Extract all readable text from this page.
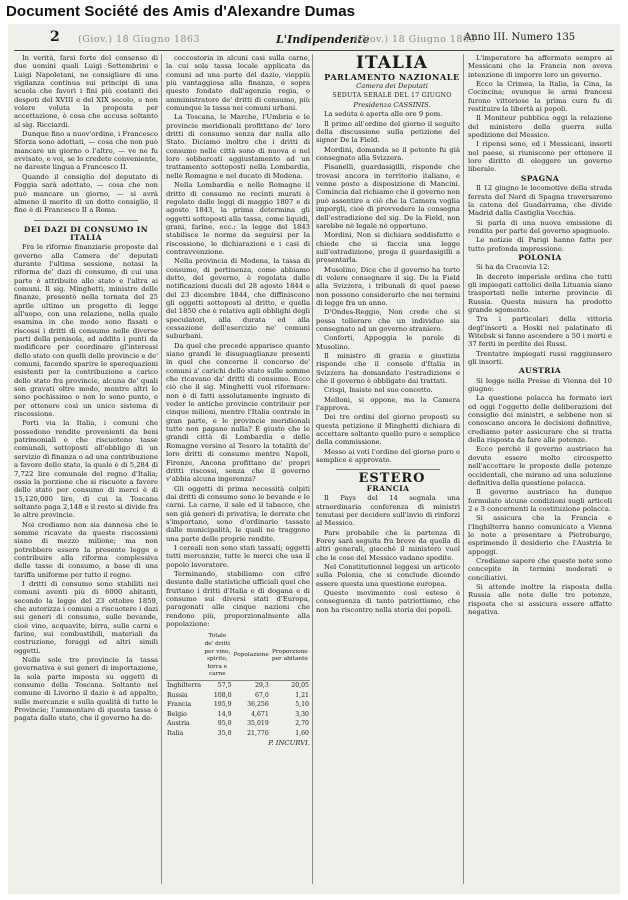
Document Société des Amis d'Alexandre Dumas
2 (Giov.) 18 Giugno 1863	L'Indipendente
(Giov.) 18 Giugno 1863
Anno III. Numero 135

In verità, farsi forte del consenso di due uomini quali Luigi Settembrini e Luigi Napoletani, ne consigliare di una vigilanza continua sui principi di una scuola che favorì i fini più costanti dei despoti del XVIII e del XIX secolo, e non volere voluta la proposta per accettazione, è cosa che accusa soltanto al sig. Ricciardi.

Dunque fino a nuov'ordine, i Francesco Sforza sono adottati, — cosa che non può mancare un giorno o l'altro, — ve ne fu avvisato, e voi, se lo credete conveniente, ne dareste lingua a Francesco II.

Quando il consiglio del deputato di Foggia sarà adottato, — cosa che non può mancare un giorno, — si avrà almeno il merito di un dotto consiglio, il fine è di Francesco II a Roma.

DEI DAZI DI CONSUMO IN ITALIA

Fra le riforme finanziarie proposte dal governo alla Camera de' deputati durante l'ultima sessione, notasi la riforma de' dazi di consumo, di cui una parte è attribuito allo stato e l'altra ai comuni. Il sig. Minghetti, ministro delle finanze, presentò nella tornata del 25 aprile ultimo un progetto di legge all'uopo, con una relazione, nella quale esamina in che modo sono fissati e riscossi i dritti di consumo nelle diverse parti della penisola, ed addita i punti da modificare per coordinare gl'interessi dello stato con quelli delle provincie e de' comuni, facendo sparire le sperequazioni esistenti per la contribuzione a carico dello stato fra provincie, alcuna de' quali son gravati oltre modo, mentre altri lo sono pochissimo o non lo sono punto, e per ottenere così un unico sistema di riscossione.

Porti via la Italia, i comuni che possedono rendite provenienti da beni patrimoniali e che riscuotono tasse comunali, sottoposti all'obbligo di un servizio di finanza o ad una contribuzione a favore dello stato, la quale è di 5,284 di 7,722 lire comunale del regno d'Italia; ossia la porzione che si riscuote a favore dello stato per consumo di merci è di 15,120,000 lire, di cui la Toscana soltanto paga 2,148 e il resto si divide fra le altre provincie.

Noi crediamo non sia dannosa che le somme ricavate da queste riscossioni siano di mezzo milione; ma non potrebbero essere la presente legge e contribuire alla riforma complessiva delle tasse di consumo, a base di una tariffa uniforme per tutto il regno.

I dritti di consumo sono stabiliti nei comuni aventi più di 6000 abitanti, secondo la legge del 23 ottobre 1859, che autorizza i comuni a riscuotere i dazi sui generi di consumo, sulle bevande, cioè vino, acquavite, birra, sulle carni e farine, sui combustibili, materiali da costruzione, foraggi ed altri simili oggetti.

Nelle sole tre provincie la tassa governativa è sui generi di importazione, la sola parte imposta su oggetti di consumo della Toscana. Soltanto nel comune di Livorno il dazio è ad appalto, sulle mercanzie e sulla qualità di tutte le Provincie; l'ammontare di questa tassa è pagata dallo stato, che il governo ha de-

coccostoria in alcuni casi sulla carne, la cui sola tassa locale applicata da comuni ad una parte del dazio, vieppiù più vantaggiosa alla finanza, e sopra questo fondato dall'agenzia regia, o amministratore de' dritti di consumo, più comunque la tassa nei comuni urbani.

La Toscana, le Marche, l'Umbria e le provincie meridionali profittano de' loro dritti di consumo senza dar nulla allo Stato. Diciamo inoltre che i dritti di consumo nelle città sono di nuova e nel loro sobbarcati aggiustamento ad un trattamento sottoposti nella Lombardia, nelle Romagne e nel ducato di Modena.

Nella Lombardia e nelle Romagne il dritto di consumo ne recinti murati è regolato dalle leggi di maggio 1807 e di agosto 1843, la prima determina gli oggetti sottoposti alla tassa, come liquidi, grani, farine, ecc.; la legge del 1843 stabilisce le norme da seguirsi per la riscossione, le dichiarazioni e i casi di contravvenzione.

Nella provincia di Modena, la tassa di consumo, di pertinenza, come abbiamo detto, del governo, è regolata dalle notificazioni ducali del 28 agosto 1844 e del 23 dicembre 1844, che diffiniscono gli oggetti sottoposti al dritto, e quella del 1850 che è relativa agli obblighi degli speculatori, alla durata ed alla cessazione dell'esercizio ne' comuni suburbani.

Da quel che precede apparisce quanto siano grandi le disuguaglianze presenti in quel che concerne il concorso de' comuni a' carichi dello stato sulle somme che ricavano da' dritti di consumo. Ecco ciò che il sig. Minghetti vuol riformare: non è di fatti assolutamente ingiusto di veder le antiche provincie contribuir per cinque milioni, mentre l'Italia centrale in gran parte, e le provincie meridionali tutte non pagano nulla? È giusto che le grandi città di Lombardia e delle Romagne versino al Tesoro la totalità de' loro dritti di consumo mentre Napoli, Firenze, Ancona profittano de' propri dritti riscossi, senza che il governo v'abbia alcuna ingerenza?

Gli oggetti di prima necessità colpiti dai dritti di consumo sono le bevande e le carni. La carne, il sale ed il tabacco, che son già generi di privativa; le derrate che s'importano, sono d'ordinario tassate dalle municipalità, le quali ne traggono una parte delle proprie rendite.

I cereali non sono stati tassati; oggetti tutti mercanzie, tutte le merci che usa il popolo lavoratore.

Terminando, stabiliamo con cifre desunte dalle statistiche ufficiali quel che fruttano i dritti d'Italia e di dogana e di consumo sui diversi stati d'Europa, paragonati alle cinque nazioni che rendono più, proporzionalmente alla popolazione:

	Totale de' dritti per vino, spirito, birra e carne	Popolazione	Proporzione per abitante
Inghilterra	57,5	29,3	20,05
Russia	108,0	67,0	1,21
Francia	195,9	36,256	5,10
Belgio	14,9	4,671	3,30
Austria	95,0	35,019	2,70
Italia	35,0	21,776	1,60

P. INCURVI.

ITALIA

PARLAMENTO NAZIONALE

Camera dei Deputati

SEDUTA SERALE DEL 17 GIUGNO

Presidenza CASSINIS.

La seduta è aperta alle ore 9 pom.

Il primo all'ordine del giorno il seguito della discussione sulla petizione del signor De la Field.

Mordini, domanda se il petente fu già consegnato alla Svizzera.

Pisanelli, guardasigilli, risponde che trovasi ancora in territorio italiano, e venne posto a disposizione di Mancini. Comincia dal richiamo che il governo non può assentire a ciò che la Camera voglia imporgli, cioè di provvedere la consegna dell'estradizione del sig. De la Field, non sarebbe nè legale nè opportuno.

Mordini, Non si dichiara soddisfatto e chiede che si faccia una legge sull'estradizione, prega il guardasigilli a presentarla.

Musolino, Dice che il governo ha torto di volere consegnare il sig. De la Field alla Svizzera, i tribunali di quel paese non possono considerarlo che nei termini di legge fra un anno.

D'Ondes-Reggio, Non crede che si possa tollerare che un individuo sia consegnato ad un governo straniero.

Conforti, Appoggia le parole di Musolino.

Il ministro di grazia e giustizia risponde che il console d'Italia in Svizzera ha domandato l'estradizione e che il governo è obbligato dai trattati.

Crispi, Insiste nel suo concetto.

Melloni, si oppone, ma la Camera l'approva.

Dei tre ordini del giorno proposti su questa petizione il Minghetti dichiara di accettare soltanto quello puro e semplice della commissione.

Messo ai voti l'ordine del giorno puro e semplice è approvato.

ESTERO

FRANCIA

Il Pays del 14 segnala una straordinaria conferenza di ministri tenutasi per decidere sull'invio di rinforzi al Messico.

Pare probabile che la partenza di Forey sarà seguita fra breve da quella di altri generali, giacchè il ministero vuol che le cose del Messico vadano spedite.

Nel Constitutionnel leggesi un articolo sulla Polonia, che si conclude dicendo essere questa una questione europea.

Questo movimento così esteso è conseguenza di tanto patriottismo, che non ha riscontro nella storia dei popoli.

L'imperatore ha affermato sempre ai Messicani che la Francia non aveva intenzione di imporre loro un governo.

Ecco la Crimea, la Italia, la Cina, la Cocincina; ovunque le armi francesi furono vittoriose la prima cura fu di restituire la libertà ai popoli.

Il Moniteur pubblica oggi la relazione del ministero della guerra sulla spedizione del Messico.

I ripensi sono, ed i Messicani, insorti nel paese, si riuniscono per ottenere il loro diritto di eleggere un governo liberale.

SPAGNA

Il 12 giugno le locomotive della strada ferrata del Nord di Spagna traversarono la catena del Guadarrama, che divide Madrid dalla Castiglia Vecchia.

Si parla di una nuova emissione di rendita per parte del governo spagnuolo.

Le notizie di Parigi hanno fatto per tutto profonda impressione.

POLONIA

Si ha da Cracovia 12:

In decreto imperiale ordina che tutti gli impiegati cattolici della Lituania siano trasportati nelle interne provincie di Russia. Questa misura ha prodotto grande sgomento.

Tra i particolari della vittoria degl'insorti a Hoski nel palatinato di Witebsk si fanno ascendere a 50 i morti e 37 feriti in perdite dei Russi.

Trentatre impiegati russi raggiunsero gli insorti.

AUSTRIA

Si legge nella Presse di Vienna del 10 giugno:

La questione polacca ha formato ieri ed oggi l'oggetto delle deliberazioni del consiglio dei ministri, e sebbene non si conoscano ancora le decisioni definitive, crediamo poter assicurare che si tratta della risposta da fare alle potenze.

Ecco perchè il governo austriaco ha dovuto essere molto circospetto nell'accettare le proposte delle potenze occidentali, che mirano ad una soluzione definitiva della questione polacca.

Il governo austriaco ha dunque formulato alcune condizioni sugli articoli 2 e 3 concernenti la costituzione polacca.

Si assicura che la Francia e l'Inghilterra hanno comunicato a Vienna le note a presentare a Pietroburgo, esprimendo il desiderio che l'Austria le appoggi.

Crediamo sapere che queste note sono concepite in termini moderati e conciliativi.

Si attende inoltre la risposta della Russia alle note delle tre potenze, risposta che si assicura essere affatto negativa.
